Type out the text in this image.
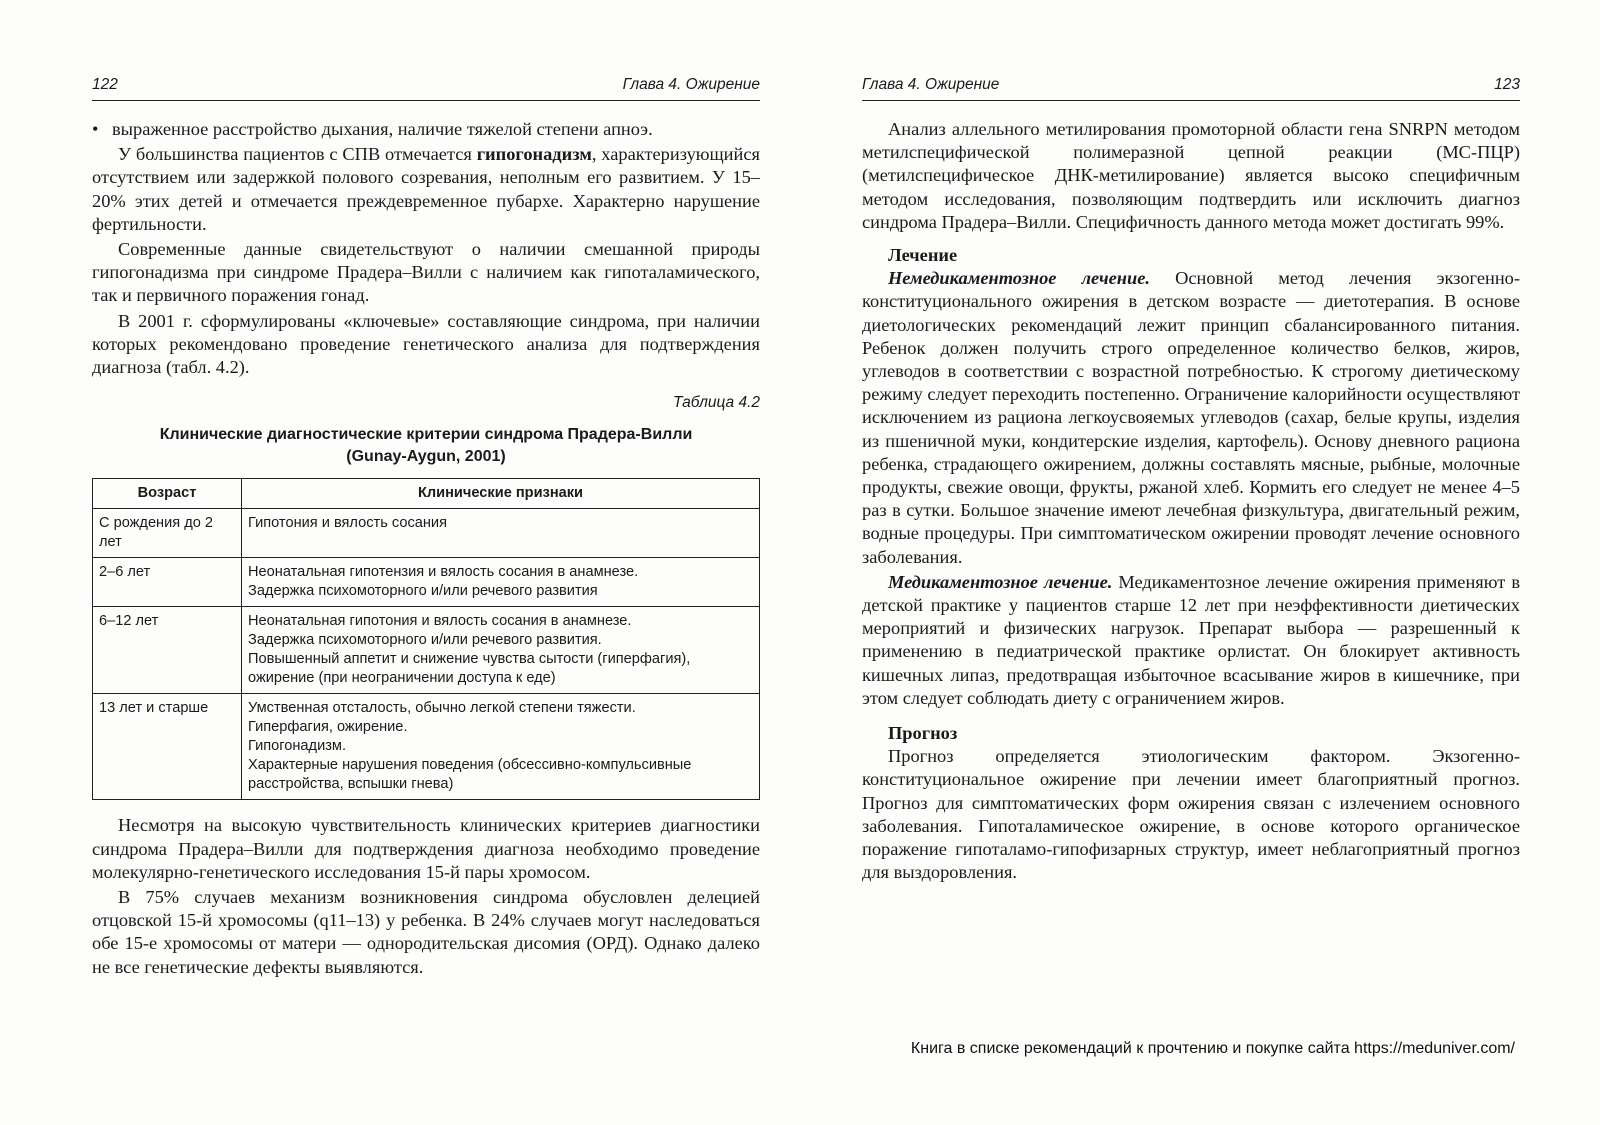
122	Глава 4. Ожирение
• выраженное расстройство дыхания, наличие тяжелой степени апноэ.

У большинства пациентов с СПВ отмечается гипогонадизм, характеризующийся отсутствием или задержкой полового созревания, неполным его развитием. У 15–20% этих детей и отмечается преждевременное пубархе. Характерно нарушение фертильности.

Современные данные свидетельствуют о наличии смешанной природы гипогонадизма при синдроме Прадера–Вилли с наличием как гипоталамического, так и первичного поражения гонад.

В 2001 г. сформулированы «ключевые» составляющие синдрома, при наличии которых рекомендовано проведение генетического анализа для подтверждения диагноза (табл. 4.2).

Таблица 4.2
Клинические диагностические критерии синдрома Прадера-Вилли
(Gunay-Aygun, 2001)
Возраст	Клинические признаки
С рождения до 2 лет	Гипотония и вялость сосания

2–6 лет	Неонатальная гипотензия и вялость сосания в анамнезе.
Задержка психомоторного и/или речевого развития

6–12 лет	Неонатальная гипотония и вялость сосания в анамнезе.
Задержка психомоторного и/или речевого развития.
Повышенный аппетит и снижение чувства сытости (гиперфагия), ожирение (при неограничении доступа к еде)

13 лет и старше	Умственная отсталость, обычно легкой степени тяжести.
Гиперфагия, ожирение.
Гипогонадизм.
Характерные нарушения поведения (обсессивно-компульсивные расстройства, вспышки гнева)

Несмотря на высокую чувствительность клинических критериев диагностики синдрома Прадера–Вилли для подтверждения диагноза необходимо проведение молекулярно-генетического исследования 15-й пары хромосом.

В 75% случаев механизм возникновения синдрома обусловлен делецией отцовской 15-й хромосомы (q11–13) у ребенка. В 24% случаев могут наследоваться обе 15-е хромосомы от матери — однородительская дисомия (ОРД). Однако далеко не все генетические дефекты выявляются.

Глава 4. Ожирение	123

Анализ аллельного метилирования промоторной области гена SNRPN методом метилспецифической полимеразной цепной реакции (МС-ПЦР) (метилспецифическое ДНК-метилирование) является высоко специфичным методом исследования, позволяющим подтвердить или исключить диагноз синдрома Прадера–Вилли. Специфичность данного метода может достигать 99%.

Лечение

Немедикаментозное лечение. Основной метод лечения экзогенно-конституционального ожирения в детском возрасте — диетотерапия. В основе диетологических рекомендаций лежит принцип сбалансированного питания. Ребенок должен получить строго определенное количество белков, жиров, углеводов в соответствии с возрастной потребностью. К строгому диетическому режиму следует переходить постепенно. Ограничение калорийности осуществляют исключением из рациона легкоусвояемых углеводов (сахар, белые крупы, изделия из пшеничной муки, кондитерские изделия, картофель). Основу дневного рациона ребенка, страдающего ожирением, должны составлять мясные, рыбные, молочные продукты, свежие овощи, фрукты, ржаной хлеб. Кормить его следует не менее 4–5 раз в сутки. Большое значение имеют лечебная физкультура, двигательный режим, водные процедуры. При симптоматическом ожирении проводят лечение основного заболевания.

Медикаментозное лечение. Медикаментозное лечение ожирения применяют в детской практике у пациентов старше 12 лет при неэффективности диетических мероприятий и физических нагрузок. Препарат выбора — разрешенный к применению в педиатрической практике орлистат. Он блокирует активность кишечных липаз, предотвращая избыточное всасывание жиров в кишечнике, при этом следует соблюдать диету с ограничением жиров.

Прогноз

Прогноз определяется этиологическим фактором. Экзогенно-конституциональное ожирение при лечении имеет благоприятный прогноз. Прогноз для симптоматических форм ожирения связан с излечением основного заболевания. Гипоталамическое ожирение, в основе которого органическое поражение гипоталамо-гипофизарных структур, имеет неблагоприятный прогноз для выздоровления.

Книга в списке рекомендаций к прочтению и покупке сайта https://meduniver.com/
